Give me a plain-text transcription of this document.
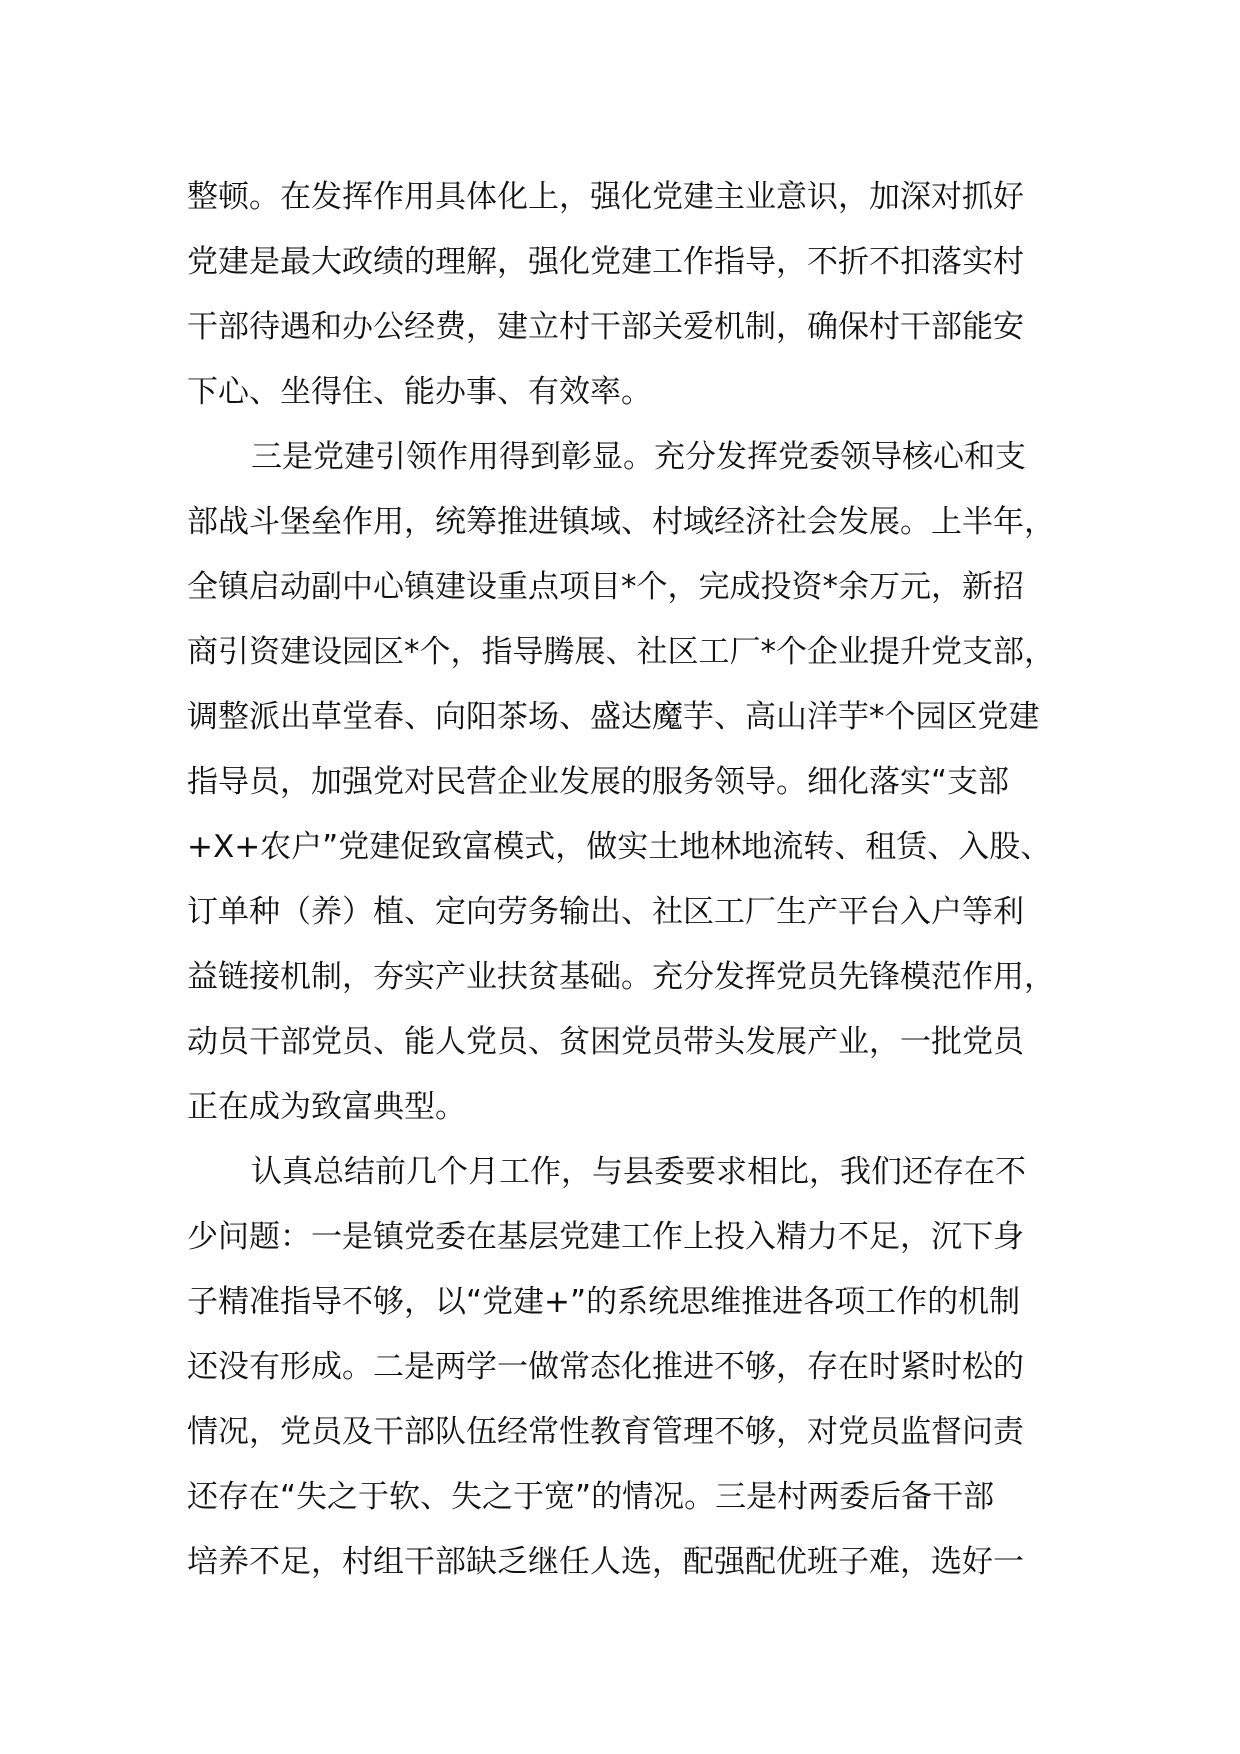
整顿。在发挥作用具体化上，强化党建主业意识，加深对抓好
党建是最大政绩的理解，强化党建工作指导，不折不扣落实村
干部待遇和办公经费，建立村干部关爱机制，确保村干部能安
下心、坐得住、能办事、有效率。
三是党建引领作用得到彰显。充分发挥党委领导核心和支
部战斗堡垒作用，统筹推进镇域、村域经济社会发展。上半年，
全镇启动副中心镇建设重点项目*个，完成投资*余万元，新招
商引资建设园区*个，指导腾展、社区工厂*个企业提升党支部，
调整派出草堂春、向阳茶场、盛达魔芋、高山洋芋*个园区党建
指导员，加强党对民营企业发展的服务领导。细化落实“支部
+X+农户”党建促致富模式，做实土地林地流转、租赁、入股、
订单种（养）植、定向劳务输出、社区工厂生产平台入户等利
益链接机制，夯实产业扶贫基础。充分发挥党员先锋模范作用，
动员干部党员、能人党员、贫困党员带头发展产业，一批党员
正在成为致富典型。
认真总结前几个月工作，与县委要求相比，我们还存在不
少问题：一是镇党委在基层党建工作上投入精力不足，沉下身
子精准指导不够，以“党建+”的系统思维推进各项工作的机制
还没有形成。二是两学一做常态化推进不够，存在时紧时松的
情况，党员及干部队伍经常性教育管理不够，对党员监督问责
还存在“失之于软、失之于宽”的情况。三是村两委后备干部
培养不足，村组干部缺乏继任人选，配强配优班子难，选好一
